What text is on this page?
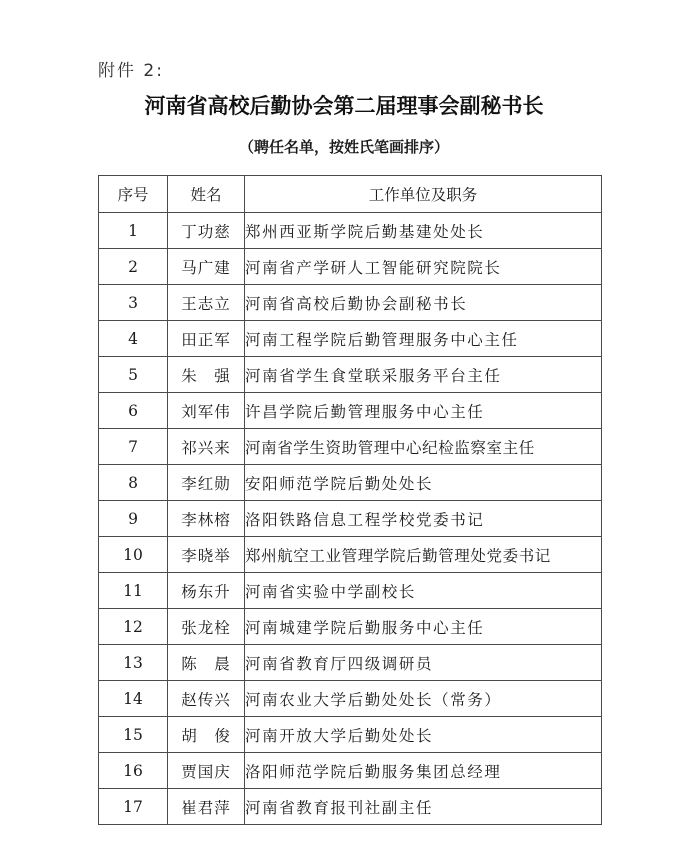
附件 2:
河南省高校后勤协会第二届理事会副秘书长
（聘任名单，按姓氏笔画排序）
序号	姓名	工作单位及职务
1	丁功慈	郑州西亚斯学院后勤基建处处长
2	马广建	河南省产学研人工智能研究院院长
3	王志立	河南省高校后勤协会副秘书长
4	田正军	河南工程学院后勤管理服务中心主任
5	朱　强	河南省学生食堂联采服务平台主任
6	刘军伟	许昌学院后勤管理服务中心主任
7	祁兴来	河南省学生资助管理中心纪检监察室主任
8	李红勋	安阳师范学院后勤处处长
9	李林榕	洛阳铁路信息工程学校党委书记
10	李晓举	郑州航空工业管理学院后勤管理处党委书记
11	杨东升	河南省实验中学副校长
12	张龙栓	河南城建学院后勤服务中心主任
13	陈　晨	河南省教育厅四级调研员
14	赵传兴	河南农业大学后勤处处长（常务）
15	胡　俊	河南开放大学后勤处处长
16	贾国庆	洛阳师范学院后勤服务集团总经理
17	崔君萍	河南省教育报刊社副主任
